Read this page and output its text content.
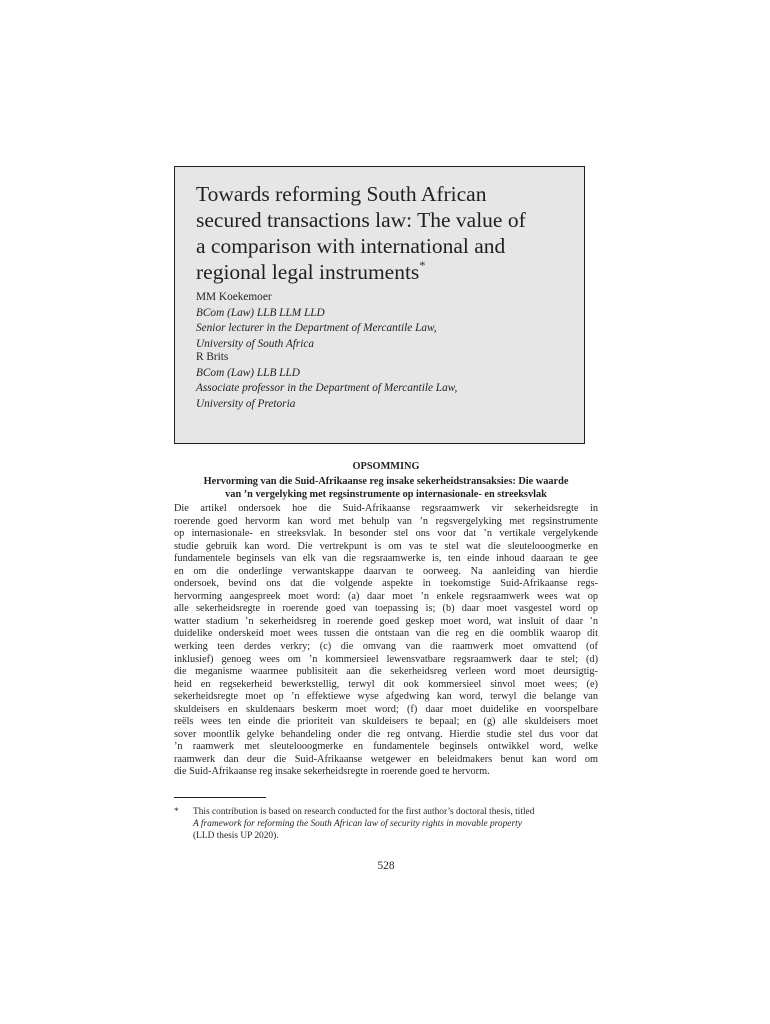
Towards reforming South African
secured transactions law: The value of
a comparison with international and
regional legal instruments*
MM Koekemoer
BCom (Law) LLB LLM LLD
Senior lecturer in the Department of Mercantile Law,
University of South Africa
R Brits
BCom (Law) LLB LLD
Associate professor in the Department of Mercantile Law,
University of Pretoria
OPSOMMING
Hervorming van die Suid-Afrikaanse reg insake sekerheidstransaksies: Die waarde
van ’n vergelyking met regsinstrumente op internasionale- en streeksvlak
Die artikel ondersoek hoe die Suid-Afrikaanse regsraamwerk vir sekerheidsregte in
roerende goed hervorm kan word met behulp van ’n regsvergelyking met regsinstrumente
op internasionale- en streeksvlak. In besonder stel ons voor dat ’n vertikale vergelykende
studie gebruik kan word. Die vertrekpunt is om vas te stel wat die sleutelooogmerke en
fundamentele beginsels van elk van die regsraamwerke is, ten einde inhoud daaraan te gee
en om die onderlinge verwantskappe daarvan te oorweeg. Na aanleiding van hierdie
ondersoek, bevind ons dat die volgende aspekte in toekomstige Suid-Afrikaanse regs-
hervorming aangespreek moet word: (a) daar moet ’n enkele regsraamwerk wees wat op
alle sekerheidsregte in roerende goed van toepassing is; (b) daar moet vasgestel word op
watter stadium ’n sekerheidsreg in roerende goed geskep moet word, wat insluit of daar ’n
duidelike onderskeid moet wees tussen die ontstaan van die reg en die oomblik waarop dit
werking teen derdes verkry; (c) die omvang van die raamwerk moet omvattend (of
inklusief) genoeg wees om ’n kommersieel lewensvatbare regsraamwerk daar te stel; (d)
die meganisme waarmee publisiteit aan die sekerheidsreg verleen word moet deursigtig-
heid en regsekerheid bewerkstellig, terwyl dit ook kommersieel sinvol moet wees; (e)
sekerheidsregte moet op ’n effektiewe wyse afgedwing kan word, terwyl die belange van
skuldeisers en skuldenaars beskerm moet word; (f) daar moet duidelike en voorspelbare
reëls wees ten einde die prioriteit van skuldeisers te bepaal; en (g) alle skuldeisers moet
sover moontlik gelyke behandeling onder die reg ontvang. Hierdie studie stel dus voor dat
’n raamwerk met sleutelooogmerke en fundamentele beginsels ontwikkel word, welke
raamwerk dan deur die Suid-Afrikaanse wetgewer en beleidmakers benut kan word om
die Suid-Afrikaanse reg insake sekerheidsregte in roerende goed te hervorm.
* This contribution is based on research conducted for the first author’s doctoral thesis, titled
A framework for reforming the South African law of security rights in movable property
(LLD thesis UP 2020).
528
